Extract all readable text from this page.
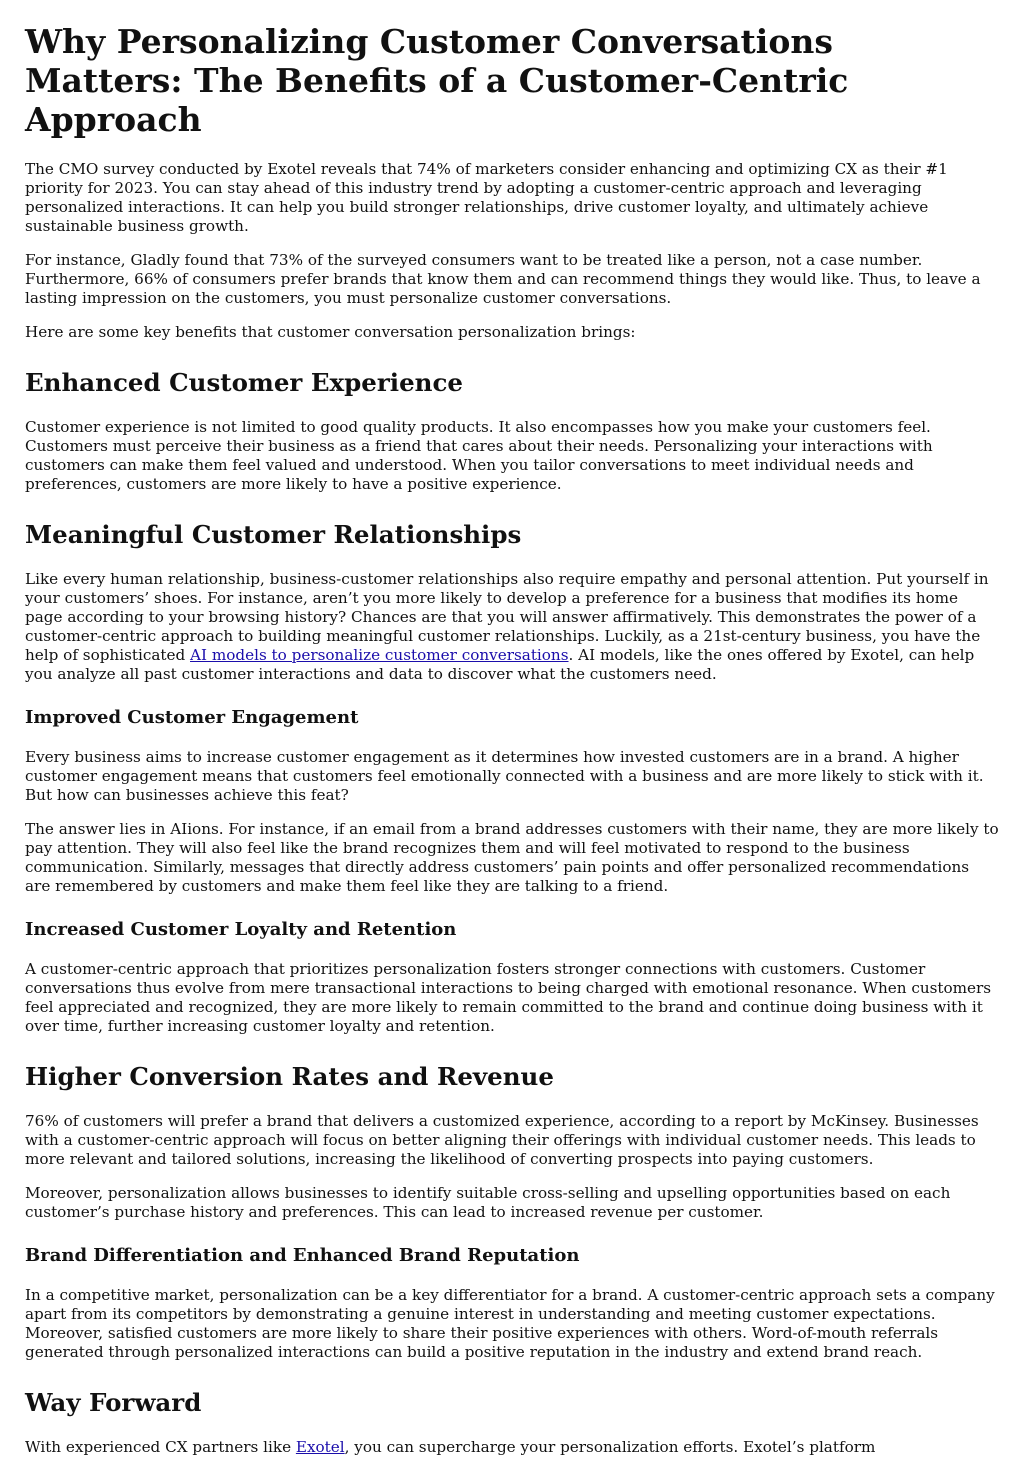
Why Personalizing Customer Conversations Matters: The Benefits of a Customer-Centric Approach

The CMO survey conducted by Exotel reveals that 74% of marketers consider enhancing and optimizing CX as their #1 priority for 2023. You can stay ahead of this industry trend by adopting a customer-centric approach and leveraging personalized interactions. It can help you build stronger relationships, drive customer loyalty, and ultimately achieve sustainable business growth.

For instance, Gladly found that 73% of the surveyed consumers want to be treated like a person, not a case number. Furthermore, 66% of consumers prefer brands that know them and can recommend things they would like. Thus, to leave a lasting impression on the customers, you must personalize customer conversations.

Here are some key benefits that customer conversation personalization brings:

Enhanced Customer Experience

Customer experience is not limited to good quality products. It also encompasses how you make your customers feel. Customers must perceive their business as a friend that cares about their needs. Personalizing your interactions with customers can make them feel valued and understood. When you tailor conversations to meet individual needs and preferences, customers are more likely to have a positive experience.

Meaningful Customer Relationships

Like every human relationship, business-customer relationships also require empathy and personal attention. Put yourself in your customers’ shoes. For instance, aren’t you more likely to develop a preference for a business that modifies its home page according to your browsing history? Chances are that you will answer affirmatively. This demonstrates the power of a customer-centric approach to building meaningful customer relationships. Luckily, as a 21st-century business, you have the help of sophisticated AI models to personalize customer conversations. AI models, like the ones offered by Exotel, can help you analyze all past customer interactions and data to discover what the customers need.

Improved Customer Engagement

Every business aims to increase customer engagement as it determines how invested customers are in a brand. A higher customer engagement means that customers feel emotionally connected with a business and are more likely to stick with it. But how can businesses achieve this feat?

The answer lies in AIions. For instance, if an email from a brand addresses customers with their name, they are more likely to pay attention. They will also feel like the brand recognizes them and will feel motivated to respond to the business communication. Similarly, messages that directly address customers’ pain points and offer personalized recommendations are remembered by customers and make them feel like they are talking to a friend.

Increased Customer Loyalty and Retention

A customer-centric approach that prioritizes personalization fosters stronger connections with customers. Customer conversations thus evolve from mere transactional interactions to being charged with emotional resonance. When customers feel appreciated and recognized, they are more likely to remain committed to the brand and continue doing business with it over time, further increasing customer loyalty and retention.

Higher Conversion Rates and Revenue

76% of customers will prefer a brand that delivers a customized experience, according to a report by McKinsey. Businesses with a customer-centric approach will focus on better aligning their offerings with individual customer needs. This leads to more relevant and tailored solutions, increasing the likelihood of converting prospects into paying customers.

Moreover, personalization allows businesses to identify suitable cross-selling and upselling opportunities based on each customer’s purchase history and preferences. This can lead to increased revenue per customer.

Brand Differentiation and Enhanced Brand Reputation

In a competitive market, personalization can be a key differentiator for a brand. A customer-centric approach sets a company apart from its competitors by demonstrating a genuine interest in understanding and meeting customer expectations. Moreover, satisfied customers are more likely to share their positive experiences with others. Word-of-mouth referrals generated through personalized interactions can build a positive reputation in the industry and extend brand reach.

Way Forward

With experienced CX partners like Exotel, you can supercharge your personalization efforts. Exotel’s platform
